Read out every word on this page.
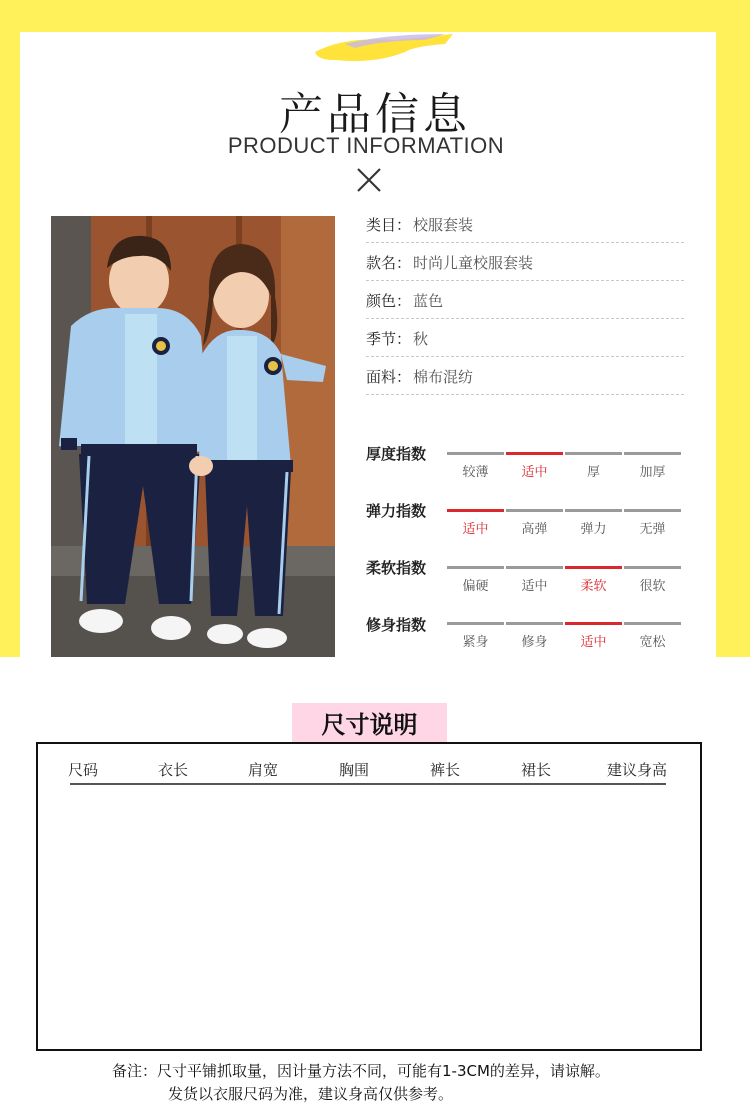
产品信息
PRODUCT INFORMATION
类目： 校服套装
款名： 时尚儿童校服套装
颜色： 蓝色
季节： 秋
面料： 棉布混纺
厚度指数
较薄	适中	厚	加厚
弹力指数
适中	高弹	弹力	无弹
柔软指数
偏硬	适中	柔软	很软
修身指数
紧身	修身	适中	宽松
尺寸说明
尺码	衣长	肩宽	胸围	裤长	裙长	建议身高
备注：尺寸平铺抓取量，因计量方法不同，可能有1-3CM的差异，请谅解。
发货以衣服尺码为准，建议身高仅供参考。
